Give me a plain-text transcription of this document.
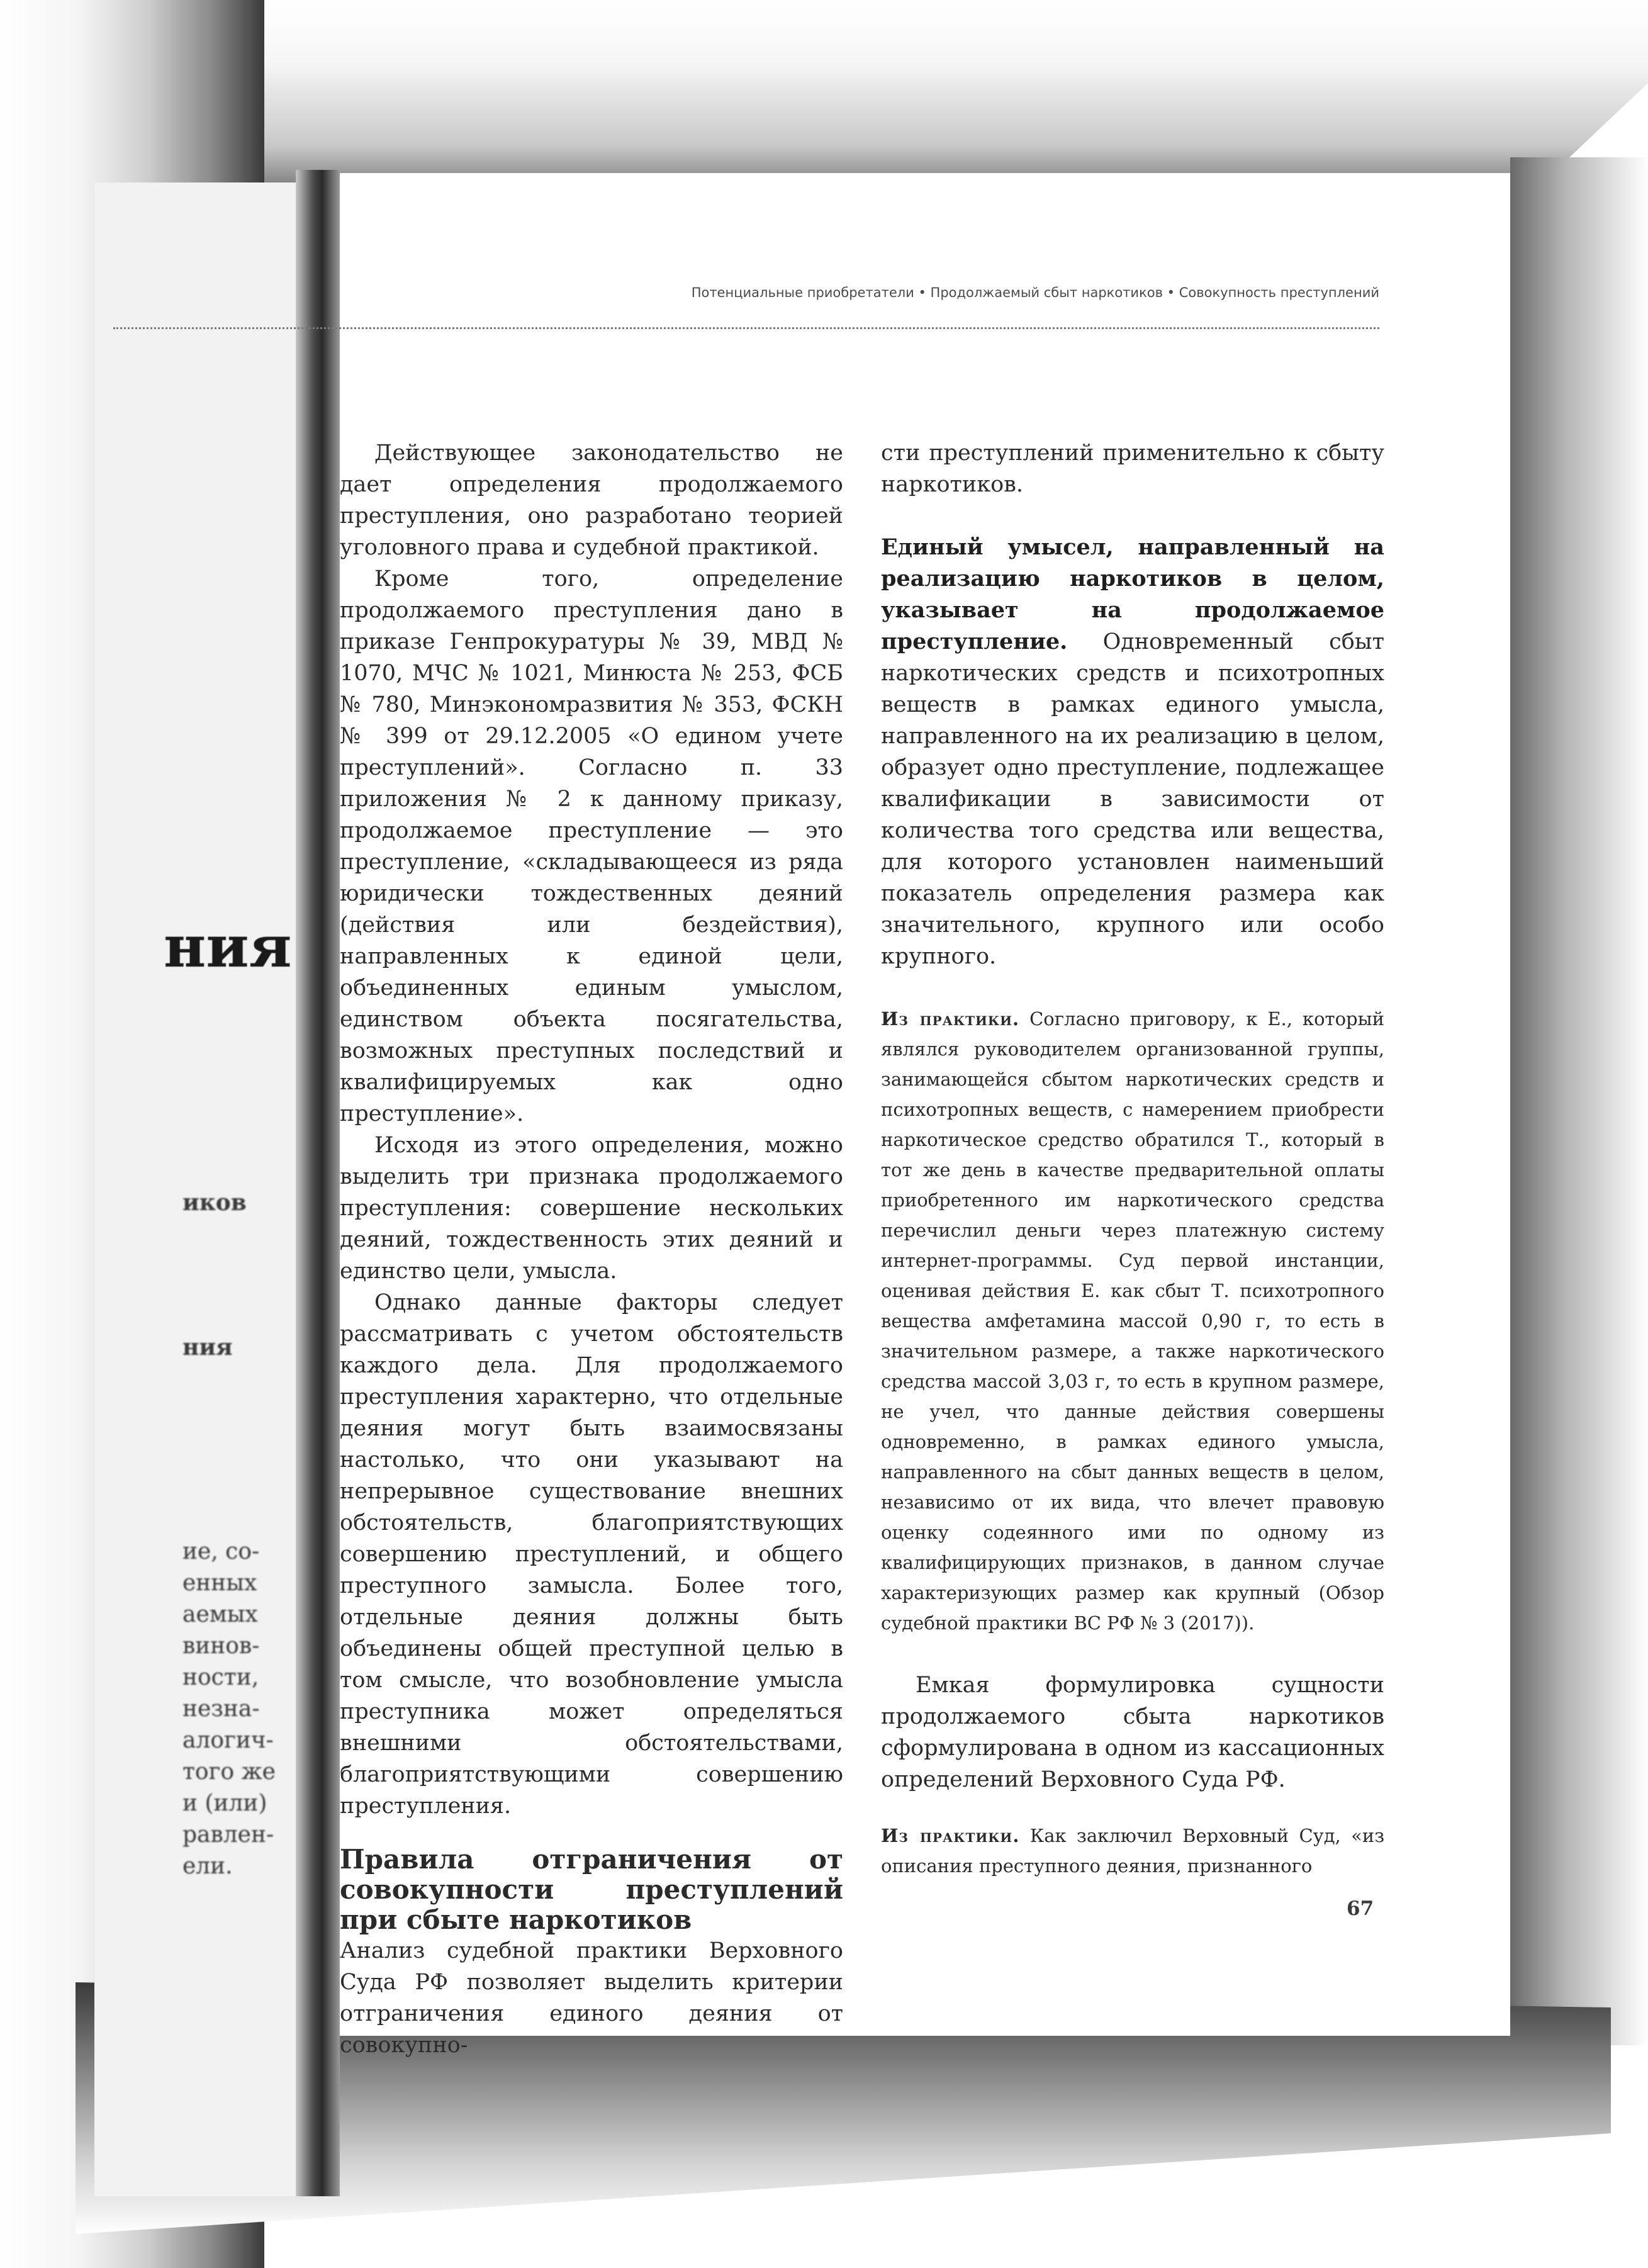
ния
иков
ния
ие, со-
енных
аемых
винов-
ности,
незна-
алогич-
того же
и (или)
равлен-
ели.
Потенциальные приобретатели • Продолжаемый сбыт наркотиков • Совокупность преступлений

Действующее законодательство не дает определения продолжаемого преступления, оно разработано теорией уголовного права и судебной практикой.

Кроме того, определение продолжаемого преступления дано в приказе Генпрокуратуры № 39, МВД № 1070, МЧС № 1021, Минюста № 253, ФСБ № 780, Минэкономразвития № 353, ФСКН № 399 от 29.12.2005 «О едином учете преступлений». Согласно п. 33 приложения № 2 к данному приказу, продолжаемое преступление — это преступление, «складывающееся из ряда юридически тождественных деяний (действия или бездействия), направленных к единой цели, объединенных единым умыслом, единством объекта посягательства, возможных преступных последствий и квалифицируемых как одно преступление».

Исходя из этого определения, можно выделить три признака продолжаемого преступления: совершение нескольких деяний, тождественность этих деяний и единство цели, умысла.

Однако данные факторы следует рассматривать с учетом обстоятельств каждого дела. Для продолжаемого преступления характерно, что отдельные деяния могут быть взаимосвязаны настолько, что они указывают на непрерывное существование внешних обстоятельств, благоприятствующих совершению преступлений, и общего преступного замысла. Более того, отдельные деяния должны быть объединены общей преступной целью в том смысле, что возобновление умысла преступника может определяться внешними обстоятельствами, благоприятствующими совершению преступления.

Правила отграничения от совокупности преступлений при сбыте наркотиков

Анализ судебной практики Верховного Суда РФ позволяет выделить критерии отграничения единого деяния от совокупно-

сти преступлений применительно к сбыту наркотиков.

Единый умысел, направленный на реализацию наркотиков в целом, указывает на продолжаемое преступление. Одновременный сбыт наркотических средств и психотропных веществ в рамках единого умысла, направленного на их реализацию в целом, образует одно преступление, подлежащее квалификации в зависимости от количества того средства или вещества, для которого установлен наименьший показатель определения размера как значительного, крупного или особо крупного.

Из практики. Согласно приговору, к Е., который являлся руководителем организованной группы, занимающейся сбытом наркотических средств и психотропных веществ, с намерением приобрести наркотическое средство обратился Т., который в тот же день в качестве предварительной оплаты приобретенного им наркотического средства перечислил деньги через платежную систему интернет-программы. Суд первой инстанции, оценивая действия Е. как сбыт Т. психотропного вещества амфетамина массой 0,90 г, то есть в значительном размере, а также наркотического средства массой 3,03 г, то есть в крупном размере, не учел, что данные действия совершены одновременно, в рамках единого умысла, направленного на сбыт данных веществ в целом, независимо от их вида, что влечет правовую оценку содеянного ими по одному из квалифицирующих признаков, в данном случае характеризующих размер как крупный (Обзор судебной практики ВС РФ № 3 (2017)).

Емкая формулировка сущности продолжаемого сбыта наркотиков сформулирована в одном из кассационных определений Верховного Суда РФ.

Из практики. Как заключил Верховный Суд, «из описания преступного деяния, признанного
67
